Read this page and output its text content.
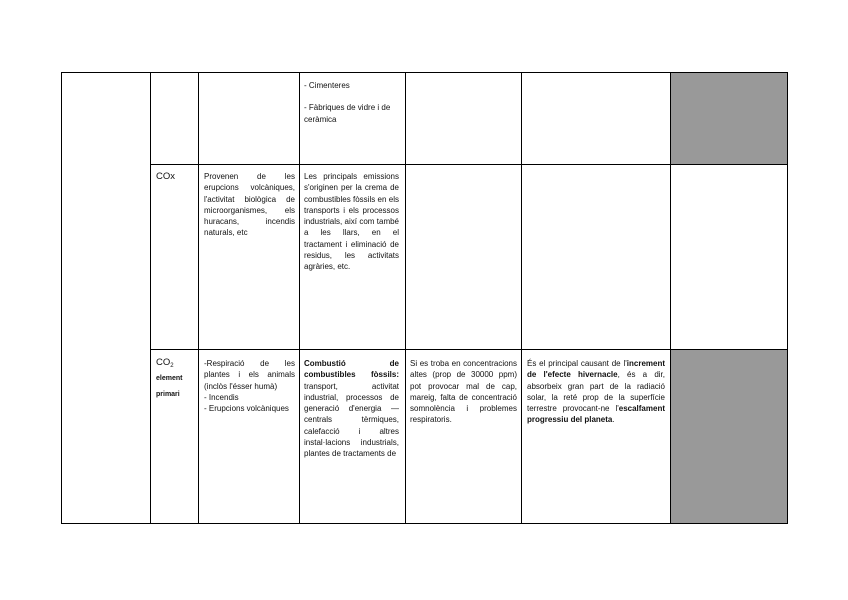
- Cimenteres

- Fàbriques de vidre i de ceràmica

COx	Provenen de les erupcions volcàniques, l'activitat biològica de microorganismes, els huracans, incendis naturals, etc
Les principals emissions s'originen per la crema de combustibles fòssils en els transports i els processos industrials, així com també a les llars, en el tractament i eliminació de residus, les activitats agràries, etc.
$CO_2$
element
primari

-Respiració de les plantes i els animals (inclòs l'ésser humà)

- Incendis

- Erupcions volcàniques

Combustió de combustibles fòssils: transport, activitat industrial, processos de generació d'energia —centrals tèrmiques, calefacció i altres instal·lacions industrials, plantes de tractaments de
Si es troba en concentracions altes (prop de 30000 ppm) pot provocar mal de cap, mareig, falta de concentració somnolència i problemes respiratoris.
És el principal causant de l'increment de l'efecte hivernacle, és a dir, absorbeix gran part de la radiació solar, la reté prop de la superfície terrestre provocant-ne l'escalfament progressiu del planeta.
